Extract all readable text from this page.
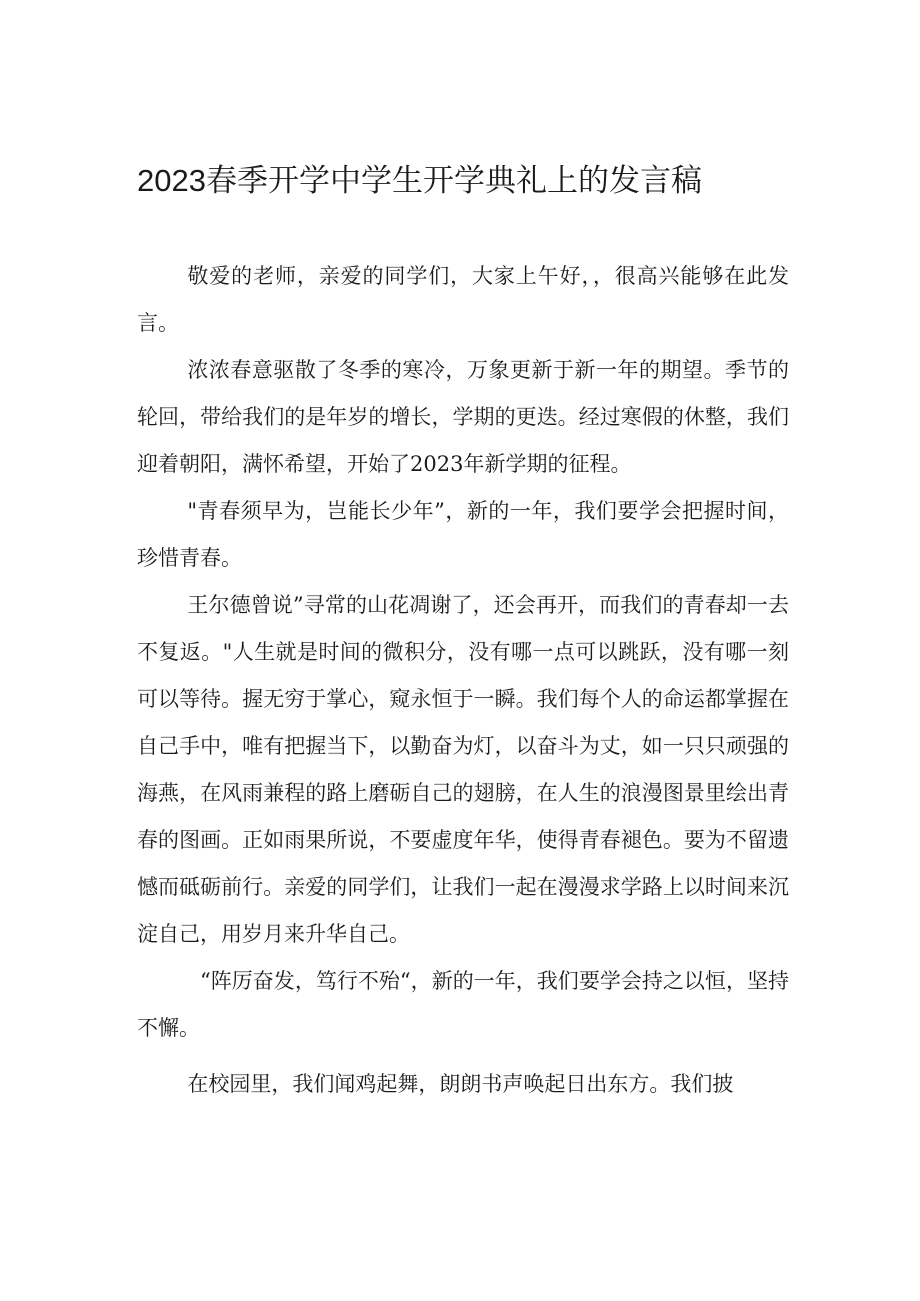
2023春季开学中学生开学典礼上的发言稿

敬爱的老师，亲爱的同学们，大家上午好，，很高兴能够在此发言。

浓浓春意驱散了冬季的寒冷，万象更新于新一年的期望。季节的轮回，带给我们的是年岁的增长，学期的更迭。经过寒假的休整，我们迎着朝阳，满怀希望，开始了2023年新学期的征程。

"青春须早为，岂能长少年”，新的一年，我们要学会把握时间，珍惜青春。

王尔德曾说”寻常的山花凋谢了，还会再开，而我们的青春却一去不复返。"人生就是时间的微积分，没有哪一点可以跳跃，没有哪一刻可以等待。握无穷于掌心，窥永恒于一瞬。我们每个人的命运都掌握在自己手中，唯有把握当下，以勤奋为灯，以奋斗为丈，如一只只顽强的海燕，在风雨兼程的路上磨砺自己的翅膀，在人生的浪漫图景里绘出青春的图画。正如雨果所说，不要虚度年华，使得青春褪色。要为不留遗憾而砥砺前行。亲爱的同学们，让我们一起在漫漫求学路上以时间来沉淀自己，用岁月来升华自己。

“阵厉奋发，笃行不殆“，新的一年，我们要学会持之以恒，坚持不懈。

在校园里，我们闻鸡起舞，朗朗书声唤起日出东方。我们披
